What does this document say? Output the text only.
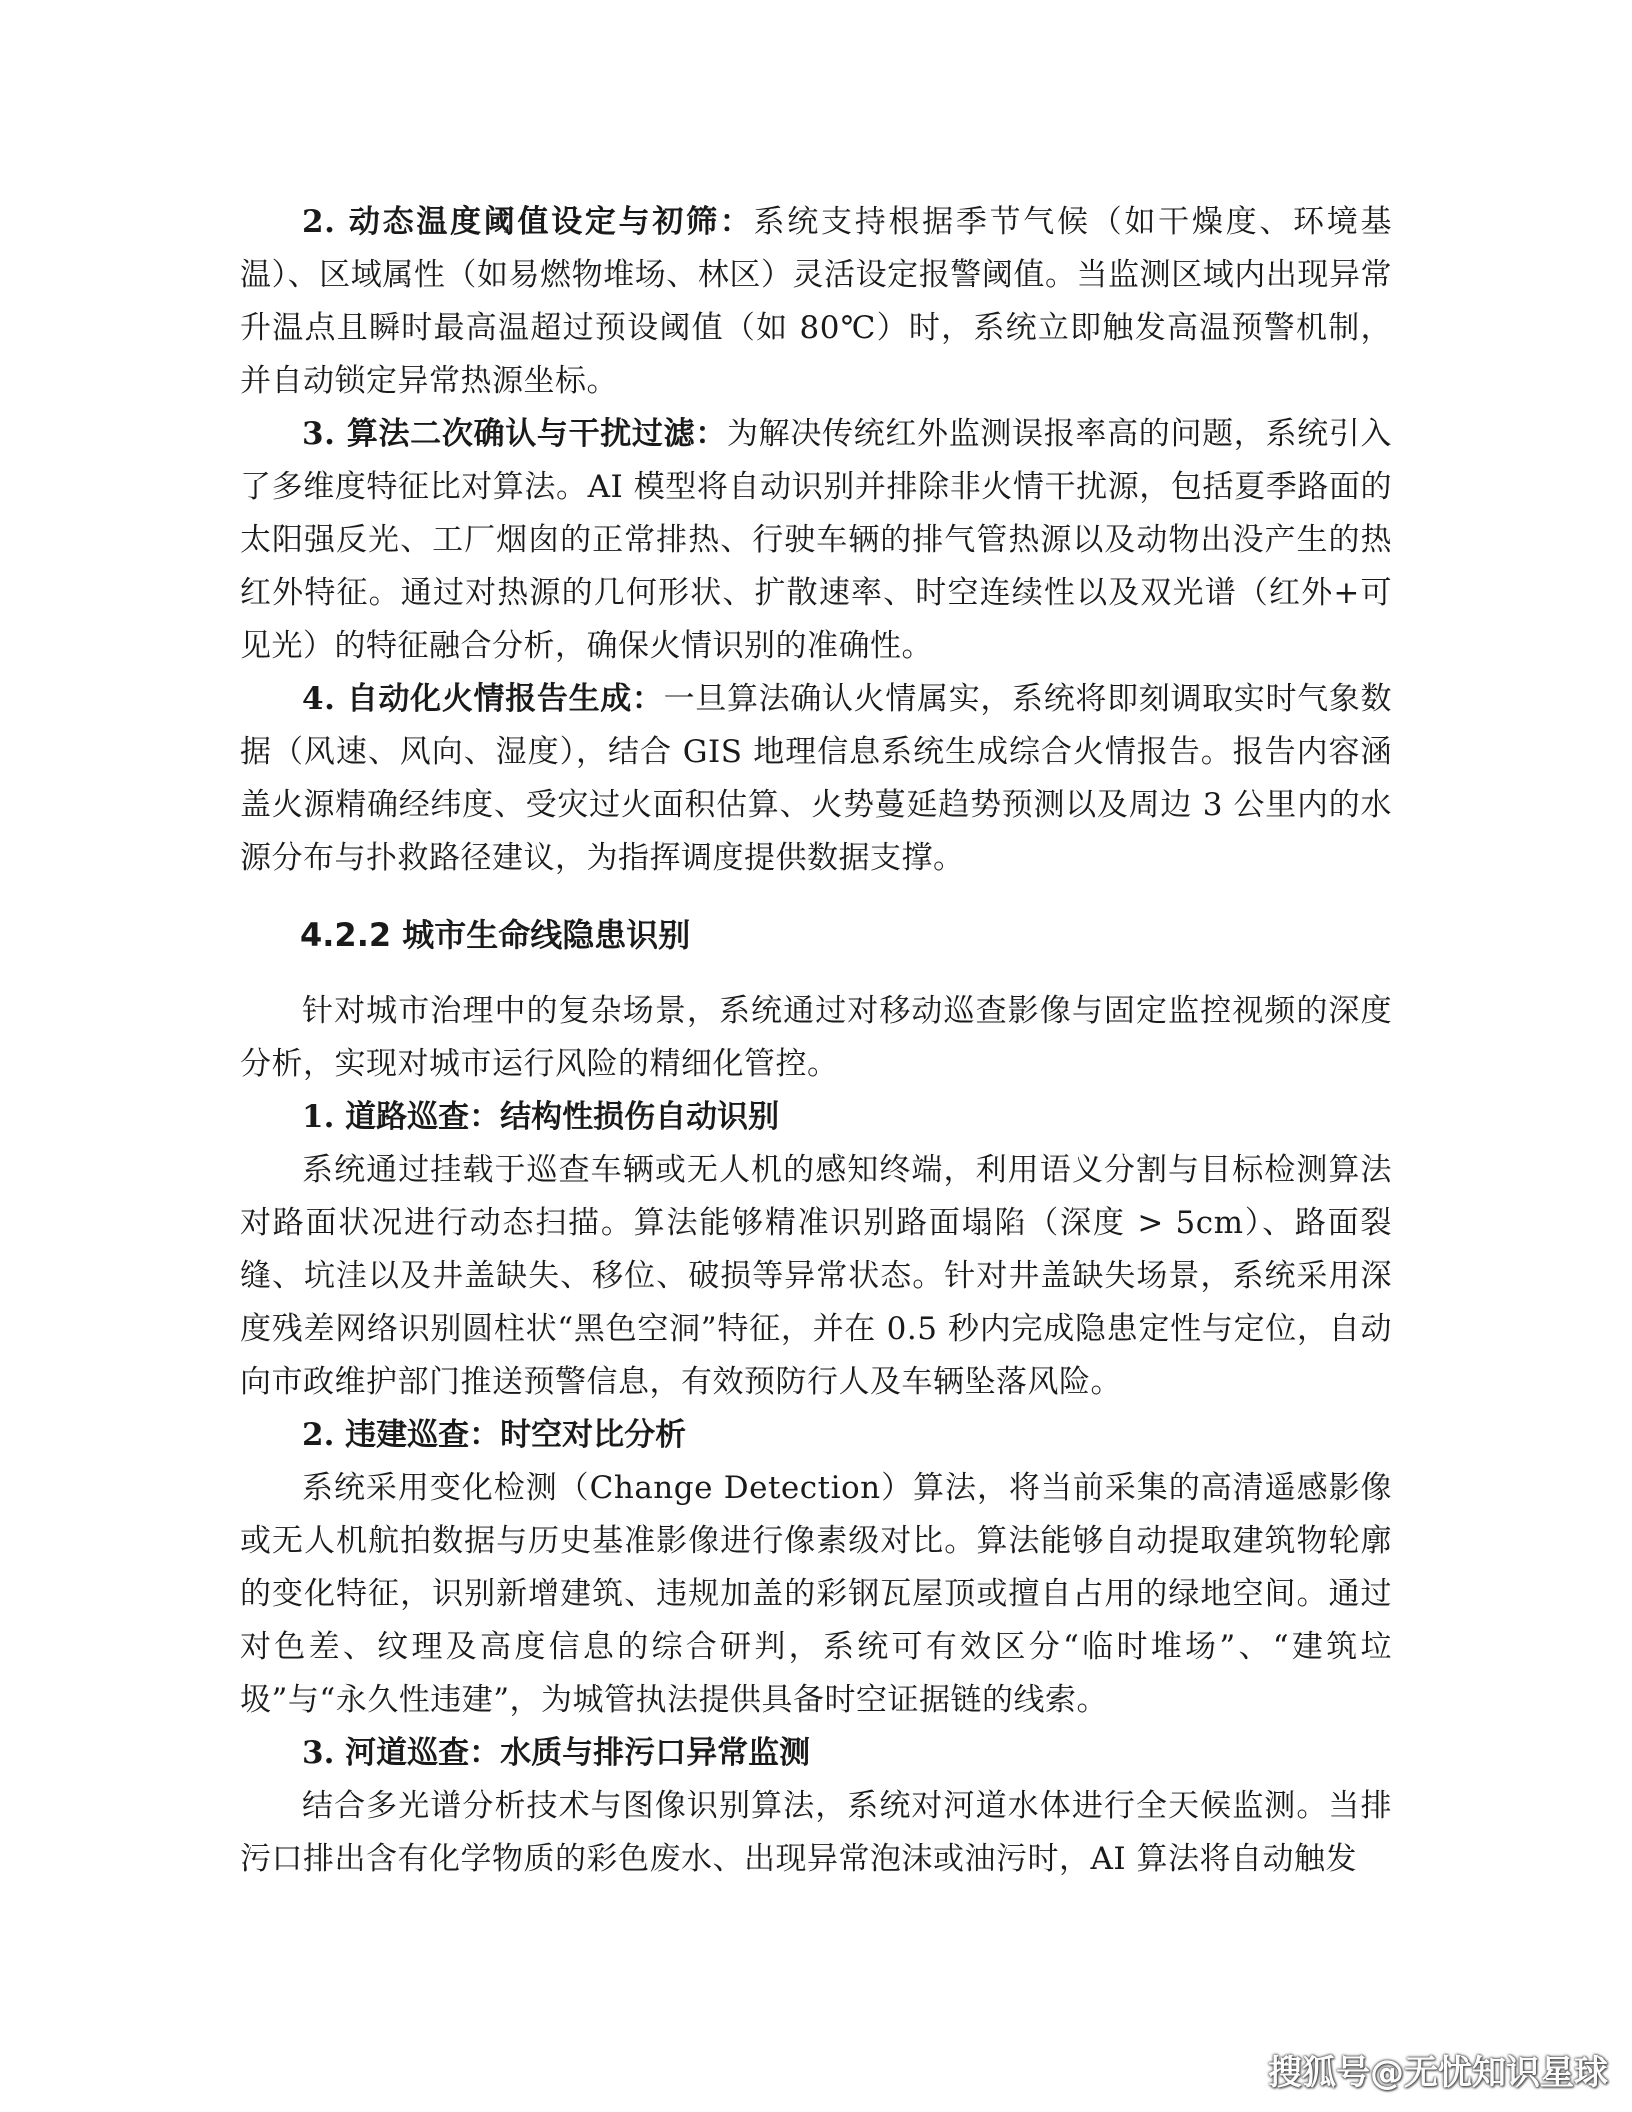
2. 动态温度阈值设定与初筛：系统支持根据季节气候（如干燥度、环境基温）、区域属性（如易燃物堆场、林区）灵活设定报警阈值。当监测区域内出现异常升温点且瞬时最高温超过预设阈值（如 80℃）时，系统立即触发高温预警机制，并自动锁定异常热源坐标。

3. 算法二次确认与干扰过滤：为解决传统红外监测误报率高的问题，系统引入了多维度特征比对算法。AI 模型将自动识别并排除非火情干扰源，包括夏季路面的太阳强反光、工厂烟囱的正常排热、行驶车辆的排气管热源以及动物出没产生的热红外特征。通过对热源的几何形状、扩散速率、时空连续性以及双光谱（红外+可见光）的特征融合分析，确保火情识别的准确性。

4. 自动化火情报告生成：一旦算法确认火情属实，系统将即刻调取实时气象数据（风速、风向、湿度），结合 GIS 地理信息系统生成综合火情报告。报告内容涵盖火源精确经纬度、受灾过火面积估算、火势蔓延趋势预测以及周边 3 公里内的水源分布与扑救路径建议，为指挥调度提供数据支撑。

4.2.2 城市生命线隐患识别

针对城市治理中的复杂场景，系统通过对移动巡查影像与固定监控视频的深度分析，实现对城市运行风险的精细化管控。

1. 道路巡查：结构性损伤自动识别

系统通过挂载于巡查车辆或无人机的感知终端，利用语义分割与目标检测算法对路面状况进行动态扫描。算法能够精准识别路面塌陷（深度 > 5cm）、路面裂缝、坑洼以及井盖缺失、移位、破损等异常状态。针对井盖缺失场景，系统采用深度残差网络识别圆柱状“黑色空洞”特征，并在 0.5 秒内完成隐患定性与定位，自动向市政维护部门推送预警信息，有效预防行人及车辆坠落风险。

2. 违建巡查：时空对比分析

系统采用变化检测（Change Detection）算法，将当前采集的高清遥感影像或无人机航拍数据与历史基准影像进行像素级对比。算法能够自动提取建筑物轮廓的变化特征，识别新增建筑、违规加盖的彩钢瓦屋顶或擅自占用的绿地空间。通过对色差、纹理及高度信息的综合研判，系统可有效区分“临时堆场”、“建筑垃圾”与“永久性违建”，为城管执法提供具备时空证据链的线索。

3. 河道巡查：水质与排污口异常监测

结合多光谱分析技术与图像识别算法，系统对河道水体进行全天候监测。当排污口排出含有化学物质的彩色废水、出现异常泡沫或油污时，AI 算法将自动触发

搜狐号@无忧知识星球
